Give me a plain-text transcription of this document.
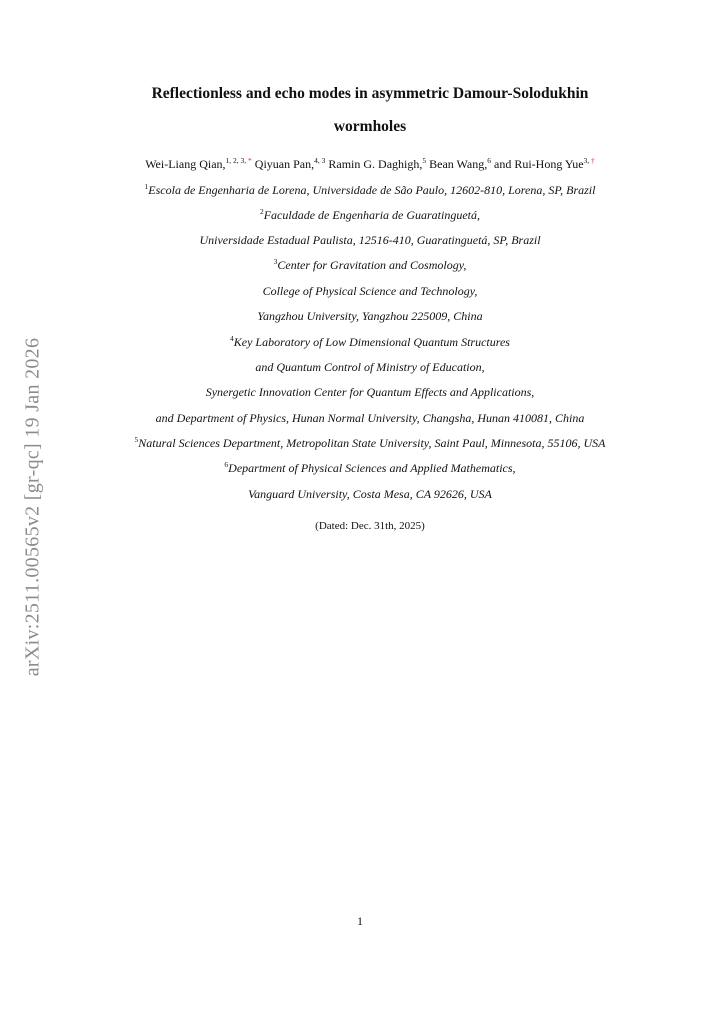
arXiv:2511.00565v2 [gr-qc] 19 Jan 2026
Reflectionless and echo modes in asymmetric Damour-Solodukhin
wormholes
Wei-Liang Qian,$^{1, 2, 3, *}$ Qiyuan Pan,$^{4, 3}$ Ramin G. Daghigh,$^5$ Bean Wang,$^6$ and Rui-Hong Yue$^{3, \dagger}$
$^1$Escola de Engenharia de Lorena, Universidade de São Paulo, 12602-810, Lorena, SP, Brazil
$^2$Faculdade de Engenharia de Guaratinguetá,
Universidade Estadual Paulista, 12516-410, Guaratinguetá, SP, Brazil
$^3$Center for Gravitation and Cosmology,
College of Physical Science and Technology,
Yangzhou University, Yangzhou 225009, China
$^4$Key Laboratory of Low Dimensional Quantum Structures
and Quantum Control of Ministry of Education,
Synergetic Innovation Center for Quantum Effects and Applications,
and Department of Physics, Hunan Normal University, Changsha, Hunan 410081, China
$^5$Natural Sciences Department, Metropolitan State University, Saint Paul, Minnesota, 55106, USA
$^6$Department of Physical Sciences and Applied Mathematics,
Vanguard University, Costa Mesa, CA 92626, USA
(Dated: Dec. 31th, 2025)
1
